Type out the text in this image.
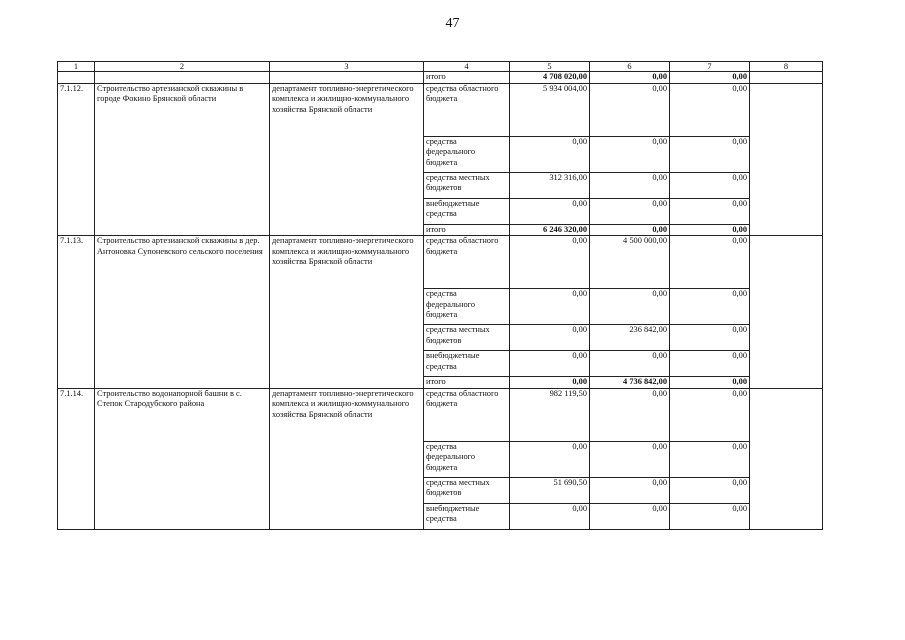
47
1	2	3	4	5	6	7	8
			итого	4 708 020,00	0,00	0,00	
7.1.12.	Строительство артезианской скважины в городе Фокино Брянской области	департамент топливно-энергетического комплекса и жилищно-коммунального хозяйства Брянской области	средства областного бюджета	5 934 004,00	0,00	0,00	
			средства федерального бюджета	0,00	0,00	0,00	
			средства местных бюджетов	312 316,00	0,00	0,00	
			внебюджетные средства	0,00	0,00	0,00	
			итого	6 246 320,00	0,00	0,00	
7.1.13.	Строительство артезианской скважины в дер. Антоновка Супоневского сельского поселения	департамент топливно-энергетического комплекса и жилищно-коммунального хозяйства Брянской области	средства областного бюджета	0,00	4 500 000,00	0,00	
			средства федерального бюджета	0,00	0,00	0,00	
			средства местных бюджетов	0,00	236 842,00	0,00	
			внебюджетные средства	0,00	0,00	0,00	
			итого	0,00	4 736 842,00	0,00	
7.1.14.	Строительство водонапорной башни в с. Степок Стародубского района	департамент топливно-энергетического комплекса и жилищно-коммунального хозяйства Брянской области	средства областного бюджета	982 119,50	0,00	0,00	
			средства федерального бюджета	0,00	0,00	0,00	
			средства местных бюджетов	51 690,50	0,00	0,00	
			внебюджетные средства	0,00	0,00	0,00	
